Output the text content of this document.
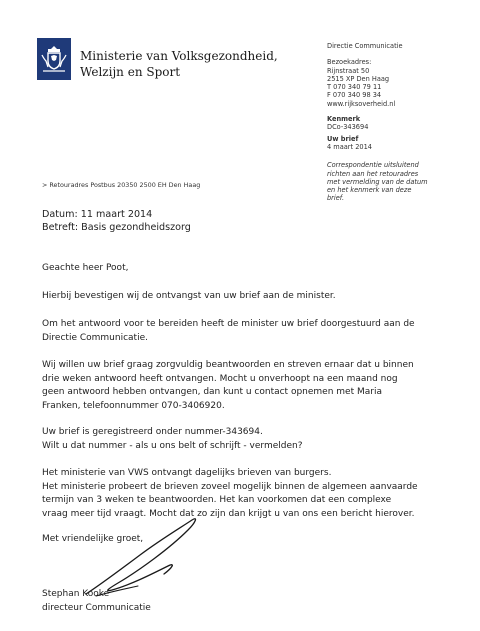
Ministerie van Volksgezondheid,
Welzijn en Sport
Directie Communicatie
Bezoekadres:
Rijnstraat 50
2515 XP Den Haag
T 070 340 79 11
F 070 340 98 34
www.rijksoverheid.nl
Kenmerk
DCo-343694
Uw brief
4 maart 2014
Correspondentie uitsluitend
richten aan het retouradres
met vermelding van de datum
en het kenmerk van deze
brief.
> Retouradres Postbus 20350 2500 EH Den Haag
Datum: 11 maart 2014
Betreft: Basis gezondheidszorg

Geachte heer Poot,

Hierbij bevestigen wij de ontvangst van uw brief aan de minister.

Om het antwoord voor te bereiden heeft de minister uw brief doorgestuurd aan de

Directie Communicatie.

Wij willen uw brief graag zorgvuldig beantwoorden en streven ernaar dat u binnen

drie weken antwoord heeft ontvangen. Mocht u onverhoopt na een maand nog

geen antwoord hebben ontvangen, dan kunt u contact opnemen met Maria

Franken, telefoonnummer 070-3406920.

Uw brief is geregistreerd onder nummer-343694.

Wilt u dat nummer - als u ons belt of schrijft - vermelden?

Het ministerie van VWS ontvangt dagelijks brieven van burgers.

Het ministerie probeert de brieven zoveel mogelijk binnen de algemeen aanvaarde

termijn van 3 weken te beantwoorden. Het kan voorkomen dat een complexe

vraag meer tijd vraagt. Mocht dat zo zijn dan krijgt u van ons een bericht hierover.

Met vriendelijke groet,

Stephan Kooke

directeur Communicatie
